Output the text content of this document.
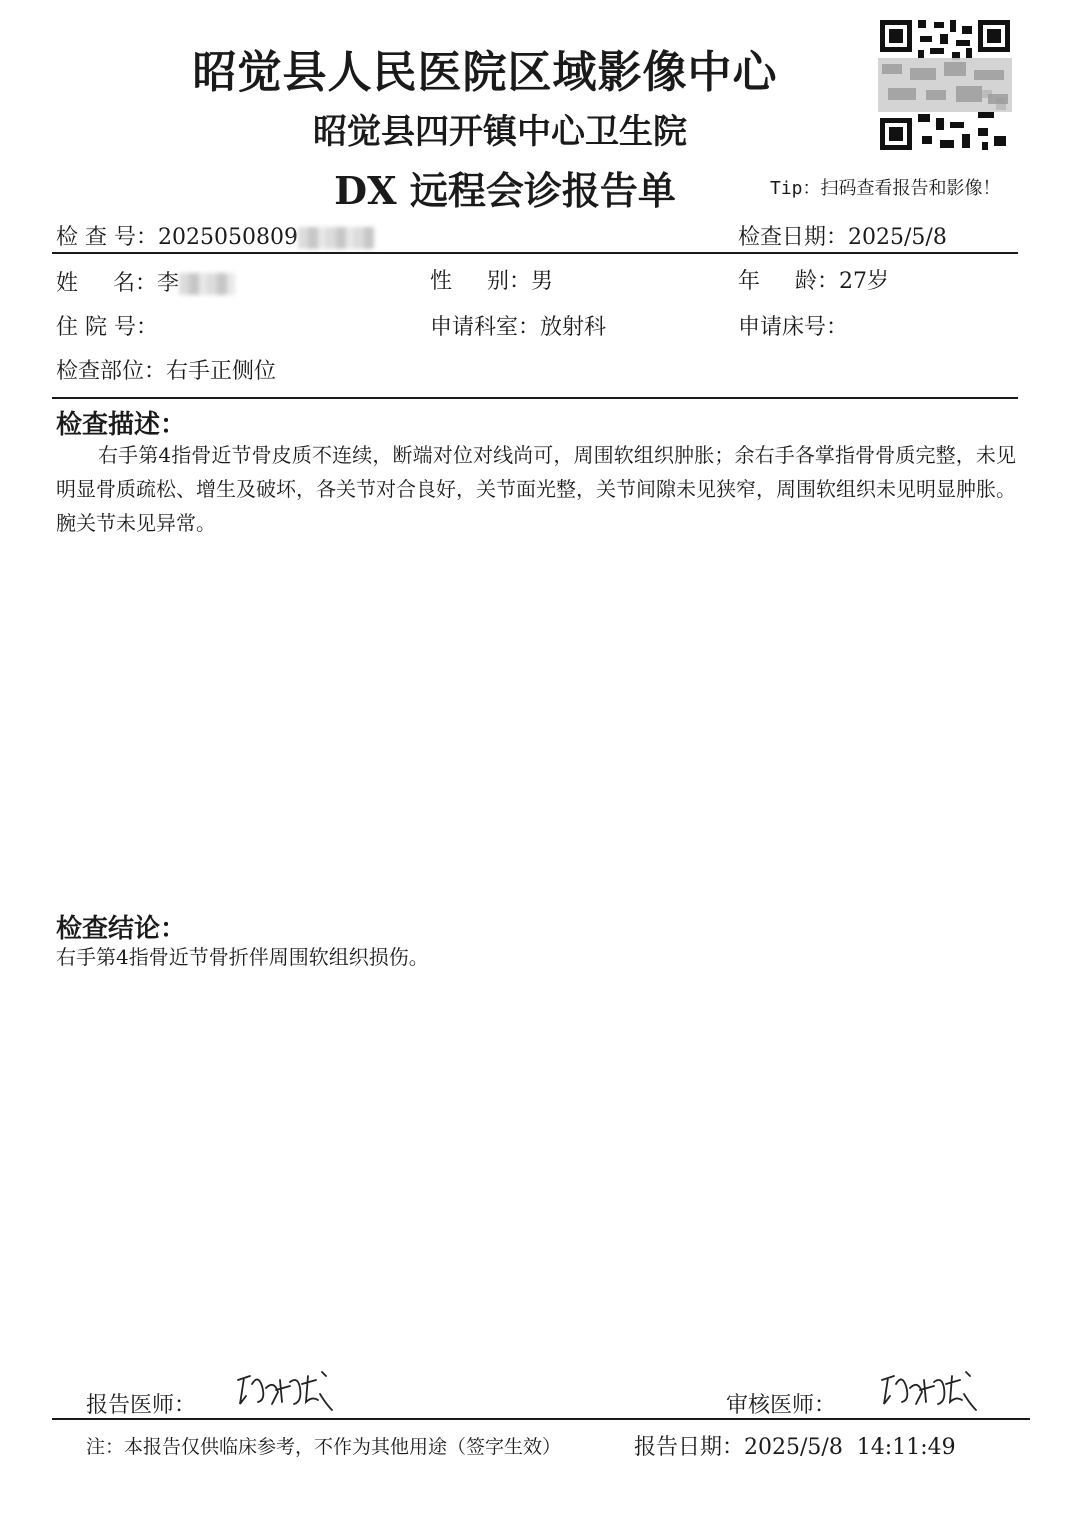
昭觉县人民医院区域影像中心
昭觉县四开镇中心卫生院
DX 远程会诊报告单	Tip：扫码查看报告和影像！
检 查 号：2025050809	检查日期：2025/5/8
姓     名：李	性     别：男	年     龄：27岁
住 院 号：	申请科室：放射科	申请床号：
检查部位：右手正侧位
检查描述：
右手第4指骨近节骨皮质不连续，断端对位对线尚可，周围软组织肿胀；余右手各掌指骨骨质完整，未见明显骨质疏松、增生及破坏，各关节对合良好，关节面光整，关节间隙未见狭窄，周围软组织未见明显肿胀。腕关节未见异常。
检查结论：
右手第4指骨近节骨折伴周围软组织损伤。
报告医师：	审核医师：
注：本报告仅供临床参考，不作为其他用途（签字生效）	报告日期：2025/5/8  14:11:49
